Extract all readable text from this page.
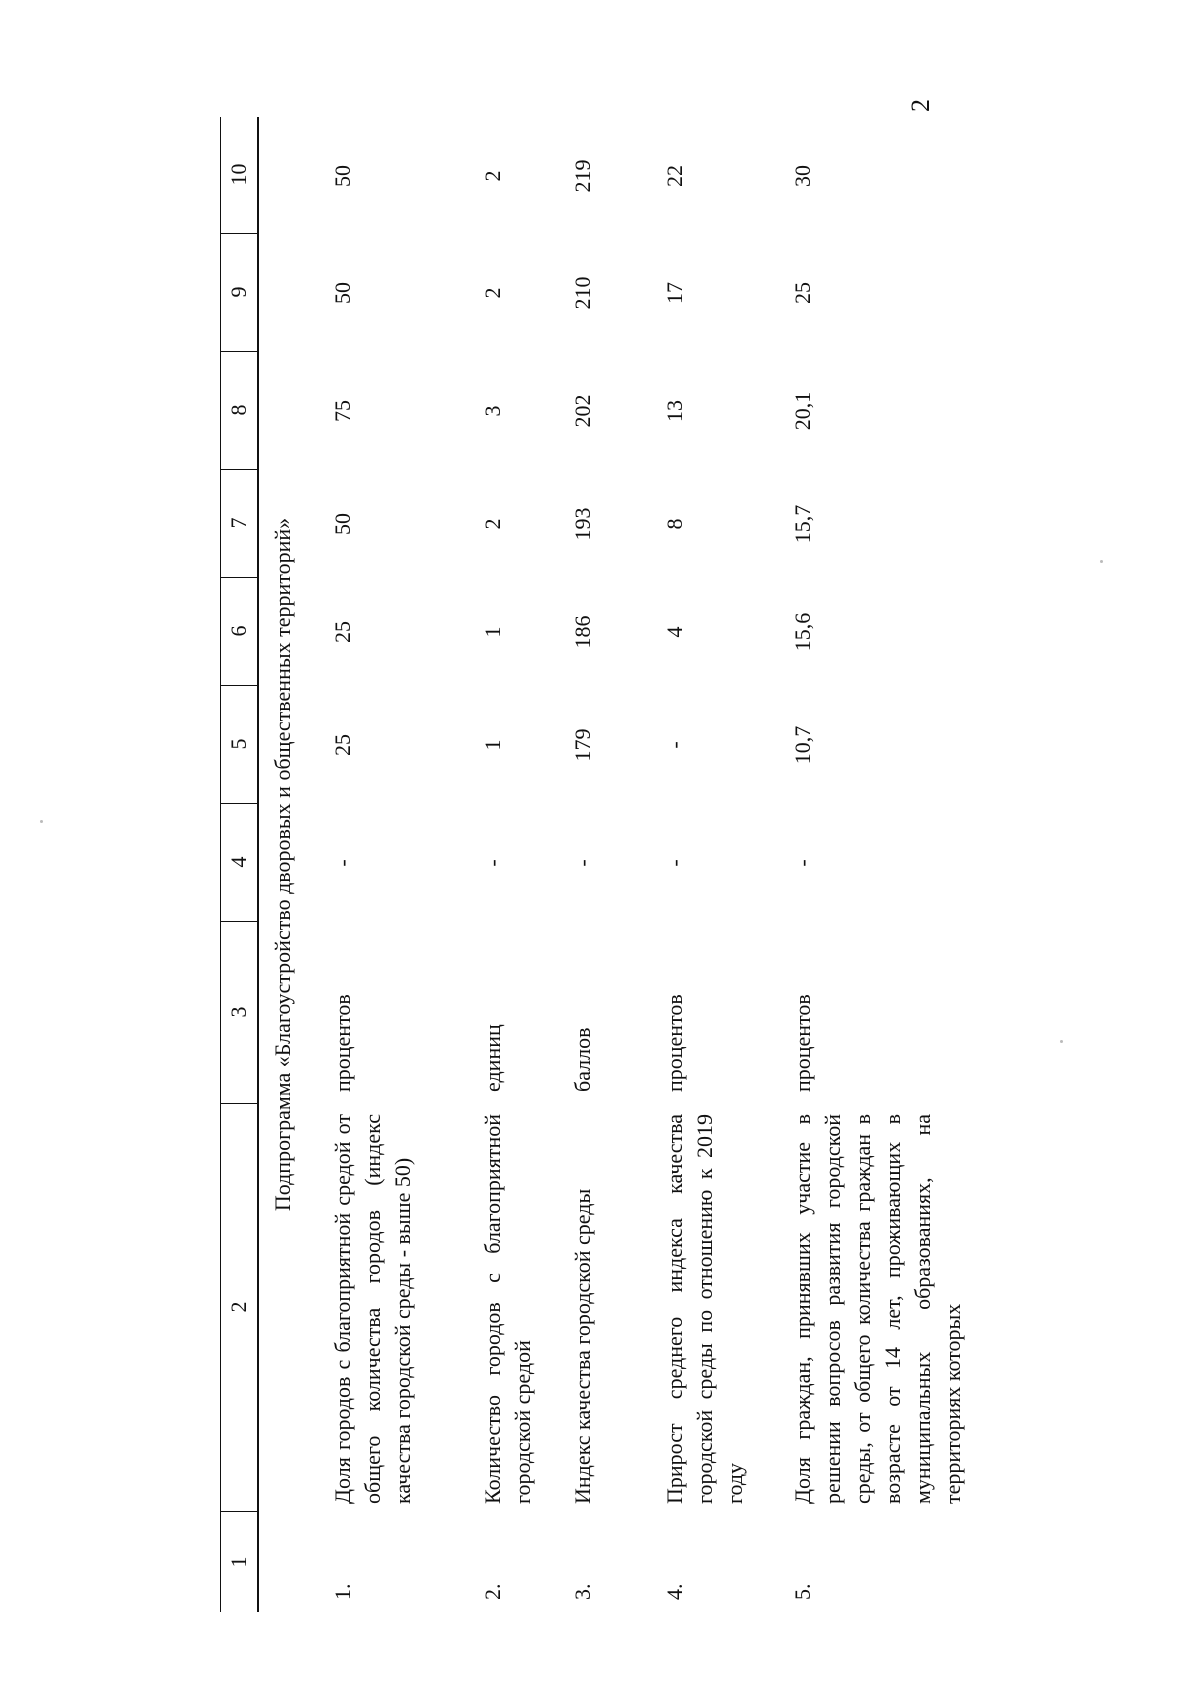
2
1
2
3
4
5
6
7
8
9
10
Подпрограмма «Благоустройство дворовых и общественных территорий»
1.
Доля городов с благоприятной средой от общего количества городов (индекс качества городской среды - выше 50)
процентов
-
25
25
50
75
50
50
2.
Количество городов с благоприятной городской средой
единиц
-
1
1
2
3
2
2
3.
Индекс качества городской среды
баллов
-
179
186
193
202
210
219
4.
Прирост среднего индекса качества городской среды по отношению к 2019 году
процентов
-
-
4
8
13
17
22
5.
Доля граждан, принявших участие в решении вопросов развития городской среды, от общего количества граждан в возрасте от 14 лет, проживающих в муниципальных образованиях, на территориях которых
процентов
-
10,7
15,6
15,7
20,1
25
30
